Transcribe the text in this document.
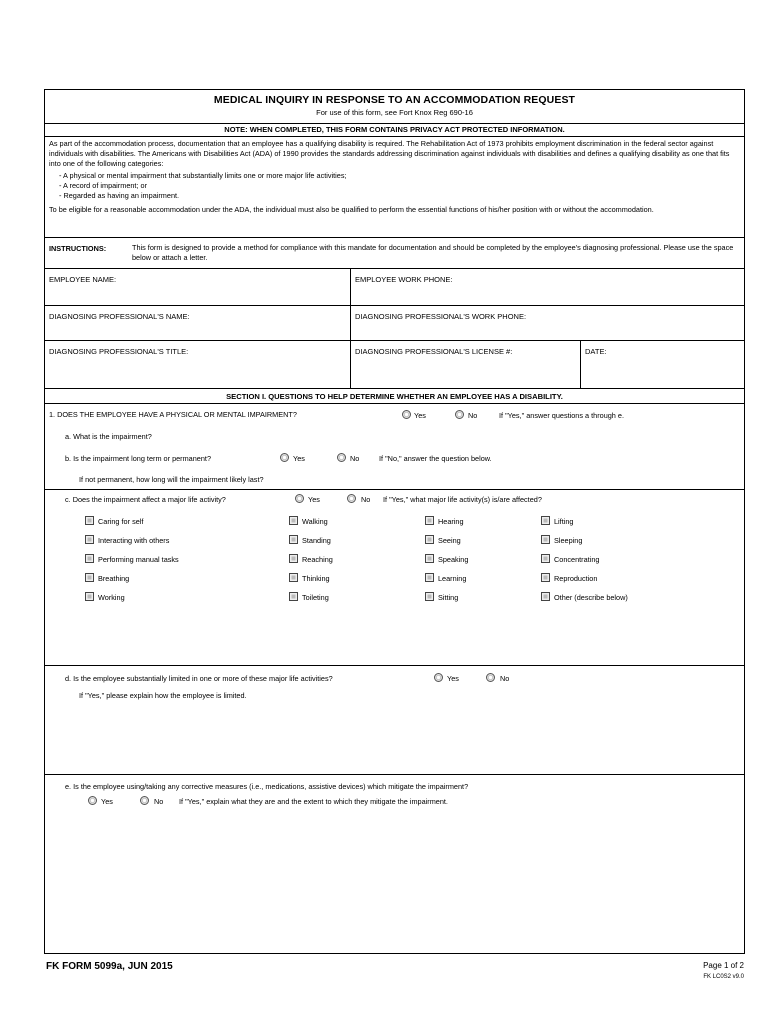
MEDICAL INQUIRY IN RESPONSE TO AN ACCOMMODATION REQUEST
For use of this form, see Fort Knox Reg 690-16
NOTE: WHEN COMPLETED, THIS FORM CONTAINS PRIVACY ACT PROTECTED INFORMATION.

As part of the accommodation process, documentation that an employee has a qualifying disability is required. The Rehabilitation Act of 1973 prohibits employment discrimination in the federal sector against individuals with disabilities. The Americans with Disabilities Act (ADA) of 1990 provides the standards addressing discrimination against individuals with disabilities and defines a qualifying disability as one that fits into one of the following categories:

- A physical or mental impairment that substantially limits one or more major life activities;
- A record of impairment; or
- Regarded as having an impairment.

To be eligible for a reasonable accommodation under the ADA, the individual must also be qualified to perform the essential functions of his/her position with or without the accommodation.

INSTRUCTIONS:	This form is designed to provide a method for compliance with this mandate for documentation and should be completed by the employee's diagnosing professional. Please use the space below or attach a letter.
EMPLOYEE NAME:	EMPLOYEE WORK PHONE:
DIAGNOSING PROFESSIONAL'S NAME:	DIAGNOSING PROFESSIONAL'S WORK PHONE:
DIAGNOSING PROFESSIONAL'S TITLE:	DIAGNOSING PROFESSIONAL'S LICENSE #:	DATE:
SECTION I. QUESTIONS TO HELP DETERMINE WHETHER AN EMPLOYEE HAS A DISABILITY.
1. DOES THE EMPLOYEE HAVE A PHYSICAL OR MENTAL IMPAIRMENT?	Yes	No	If "Yes," answer questions a through e.
a. What is the impairment?
b. Is the impairment long term or permanent?	Yes	No	If "No," answer the question below.
If not permanent, how long will the impairment likely last?
c. Does the impairment affect a major life activity?	Yes	No If "Yes," what major life activity(s) is/are affected?
Caring for self	Walking	Hearing	Lifting
Interacting with others	Standing	Seeing	Sleeping
Performing manual tasks	Reaching	Speaking	Concentrating
Breathing	Thinking	Learning	Reproduction
Working	Toileting	Sitting	Other (describe below)
d. Is the employee substantially limited in one or more of these major life activities?	Yes	No
If "Yes," please explain how the employee is limited.
e. Is the employee using/taking any corrective measures (i.e., medications, assistive devices) which mitigate the impairment?
Yes	No If "Yes," explain what they are and the extent to which they mitigate the impairment.
FK FORM 5099a, JUN 2015	Page 1 of 2
FK LC0S2 v9.0
